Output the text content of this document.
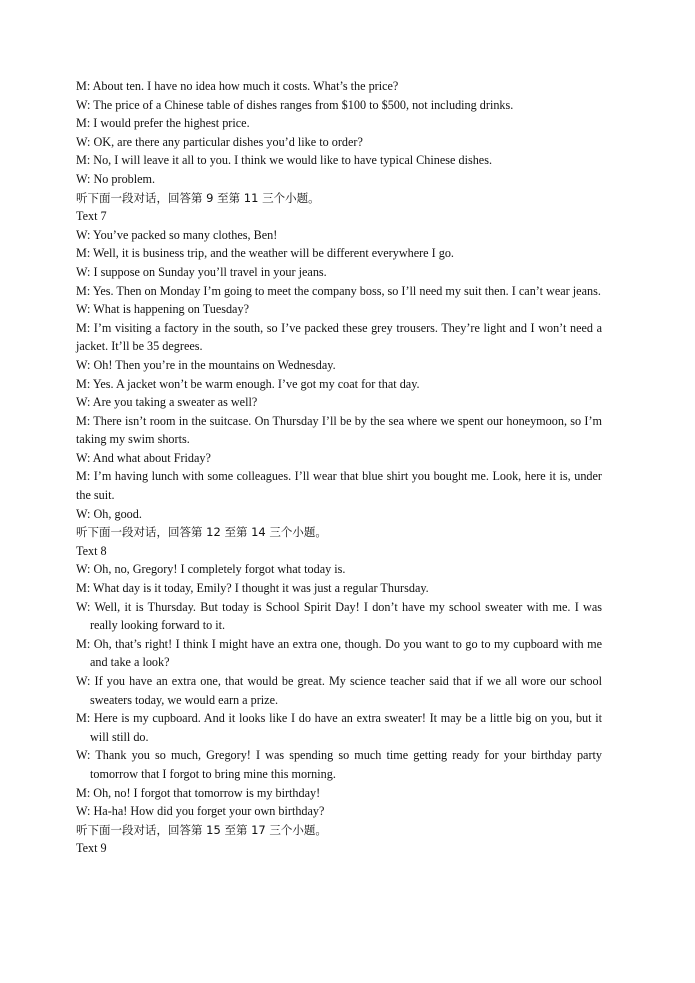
M: About ten. I have no idea how much it costs. What’s the price?
W: The price of a Chinese table of dishes ranges from $100 to $500, not including drinks.
M: I would prefer the highest price.
W: OK, are there any particular dishes you’d like to order?
M: No, I will leave it all to you. I think we would like to have typical Chinese dishes.
W: No problem.
听下面一段对话，回答第 9 至第 11 三个小题。
Text 7
W: You’ve packed so many clothes, Ben!
M: Well, it is business trip, and the weather will be different everywhere I go.
W: I suppose on Sunday you’ll travel in your jeans.
M: Yes. Then on Monday I’m going to meet the company boss, so I’ll need my suit then. I can’t wear jeans.
W: What is happening on Tuesday?
M: I’m visiting a factory in the south, so I’ve packed these grey trousers. They’re light and I won’t need a jacket. It’ll be 35 degrees.
W: Oh! Then you’re in the mountains on Wednesday.
M: Yes. A jacket won’t be warm enough. I’ve got my coat for that day.
W: Are you taking a sweater as well?
M: There isn’t room in the suitcase. On Thursday I’ll be by the sea where we spent our honeymoon, so I’m taking my swim shorts.
W: And what about Friday?
M: I’m having lunch with some colleagues. I’ll wear that blue shirt you bought me. Look, here it is, under the suit.
W: Oh, good.
听下面一段对话，回答第 12 至第 14 三个小题。
Text 8
W: Oh, no, Gregory! I completely forgot what today is.
M: What day is it today, Emily? I thought it was just a regular Thursday.
W: Well, it is Thursday. But today is School Spirit Day! I don’t have my school sweater with me. I was really looking forward to it.
M: Oh, that’s right! I think I might have an extra one, though. Do you want to go to my cupboard with me and take a look?
W: If you have an extra one, that would be great. My science teacher said that if we all wore our school sweaters today, we would earn a prize.
M: Here is my cupboard. And it looks like I do have an extra sweater! It may be a little big on you, but it will still do.
W: Thank you so much, Gregory! I was spending so much time getting ready for your birthday party tomorrow that I forgot to bring mine this morning.
M: Oh, no! I forgot that tomorrow is my birthday!
W: Ha-ha! How did you forget your own birthday?
听下面一段对话，回答第 15 至第 17 三个小题。
Text 9
